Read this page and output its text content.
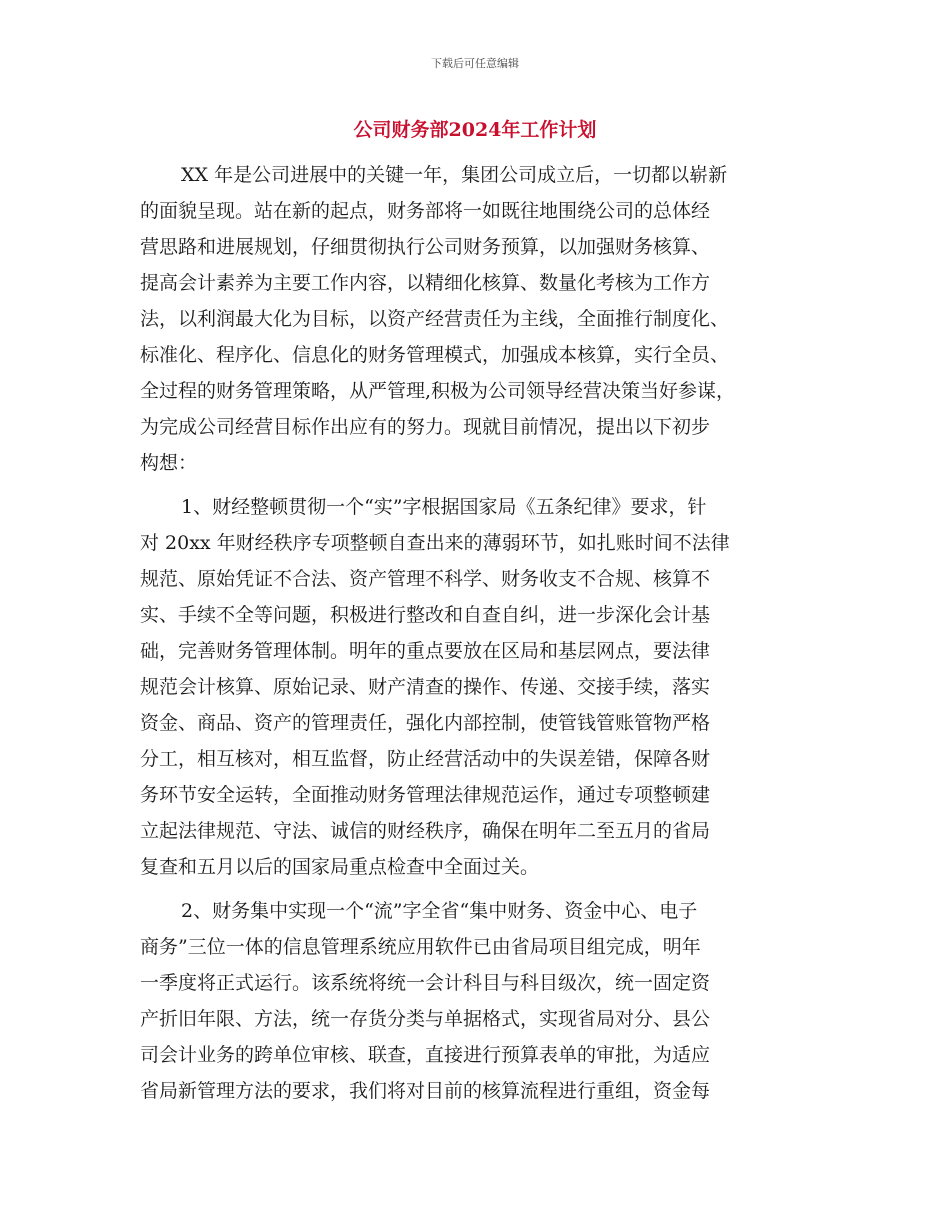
下载后可任意编辑
公司财务部2024年工作计划
XX 年是公司进展中的关键一年，集团公司成立后，一切都以崭新
的面貌呈现。站在新的起点，财务部将一如既往地围绕公司的总体经
营思路和进展规划，仔细贯彻执行公司财务预算，以加强财务核算、
提高会计素养为主要工作内容，以精细化核算、数量化考核为工作方
法，以利润最大化为目标，以资产经营责任为主线，全面推行制度化、
标准化、程序化、信息化的财务管理模式，加强成本核算，实行全员、
全过程的财务管理策略，从严管理,积极为公司领导经营决策当好参谋，
为完成公司经营目标作出应有的努力。现就目前情况，提出以下初步
构想：
1、财经整顿贯彻一个“实”字根据国家局《五条纪律》要求，针
对 20xx 年财经秩序专项整顿自查出来的薄弱环节，如扎账时间不法律
规范、原始凭证不合法、资产管理不科学、财务收支不合规、核算不
实、手续不全等问题，积极进行整改和自查自纠，进一步深化会计基
础，完善财务管理体制。明年的重点要放在区局和基层网点，要法律
规范会计核算、原始记录、财产清查的操作、传递、交接手续，落实
资金、商品、资产的管理责任，强化内部控制，使管钱管账管物严格
分工，相互核对，相互监督，防止经营活动中的失误差错，保障各财
务环节安全运转，全面推动财务管理法律规范运作，通过专项整顿建
立起法律规范、守法、诚信的财经秩序，确保在明年二至五月的省局
复查和五月以后的国家局重点检查中全面过关。
2、财务集中实现一个“流”字全省“集中财务、资金中心、电子
商务”三位一体的信息管理系统应用软件已由省局项目组完成，明年
一季度将正式运行。该系统将统一会计科目与科目级次，统一固定资
产折旧年限、方法，统一存货分类与单据格式，实现省局对分、县公
司会计业务的跨单位审核、联查，直接进行预算表单的审批，为适应
省局新管理方法的要求，我们将对目前的核算流程进行重组，资金每
